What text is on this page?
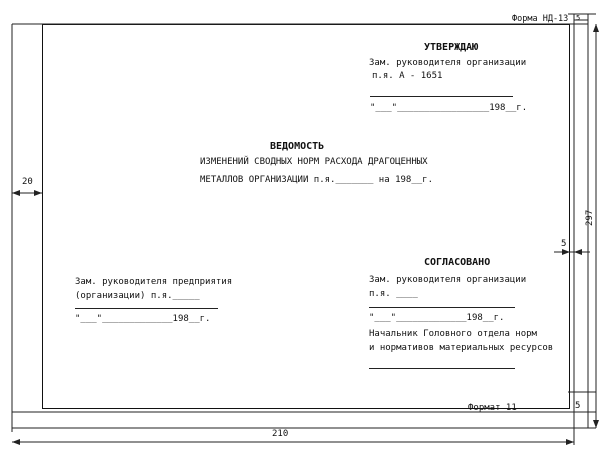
Форма НД-13 5
УТВЕРЖДАЮ
Зам. руководителя организации
п.я. А - 1651
"___"_________________198__г.
ВЕДОМОСТЬ
ИЗМЕНЕНИЙ СВОДНЫХ НОРМ РАСХОДА ДРАГОЦЕННЫХ
МЕТАЛЛОВ ОРГАНИЗАЦИИ п.я._______ на 198__г.
20
5
297
СОГЛАСОВАНО
Зам. руководителя организации
п.я. ____
"___"_____________198__г.
Начальник Головного отдела норм
и нормативов материальных ресурсов
Зам. руководителя предприятия
(организации) п.я._____
"___"_____________198__г.
Формат 11	5
210
